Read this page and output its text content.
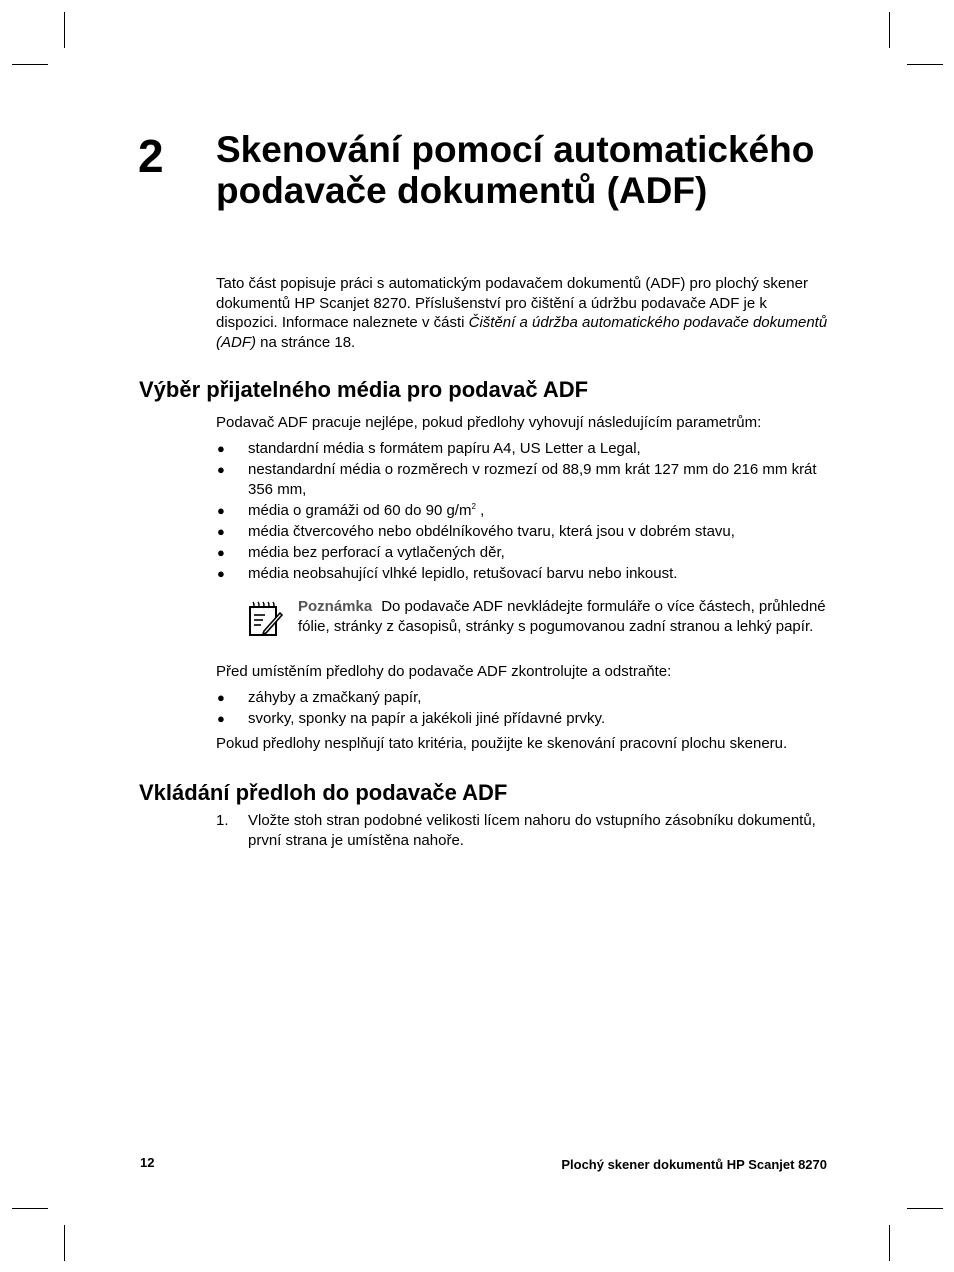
2 Skenování pomocí automatického podavače dokumentů (ADF)

Tato část popisuje práci s automatickým podavačem dokumentů (ADF) pro plochý skener dokumentů HP Scanjet 8270. Příslušenství pro čištění a údržbu podavače ADF je k dispozici. Informace naleznete v části Čištění a údržba automatického podavače dokumentů (ADF) na stránce 18.

Výběr přijatelného média pro podavač ADF

Podavač ADF pracuje nejlépe, pokud předlohy vyhovují následujícím parametrům:

● standardní média s formátem papíru A4, US Letter a Legal,
● nestandardní média o rozměrech v rozmezí od 88,9 mm krát 127 mm do 216 mm krát 356 mm,
● média o gramáži od 60 do 90 $g/m^2$ ,
● média čtvercového nebo obdélníkového tvaru, která jsou v dobrém stavu,
● média bez perforací a vytlačených děr,
● média neobsahující vlhké lepidlo, retušovací barvu nebo inkoust.

Poznámka Do podavače ADF nevkládejte formuláře o více částech, průhledné fólie, stránky z časopisů, stránky s pogumovanou zadní stranou a lehký papír.

Před umístěním předlohy do podavače ADF zkontrolujte a odstraňte:

● záhyby a zmačkaný papír,
● svorky, sponky na papír a jakékoli jiné přídavné prvky.

Pokud předlohy nesplňují tato kritéria, použijte ke skenování pracovní plochu skeneru.

Vkládání předloh do podavače ADF
1. Vložte stoh stran podobné velikosti lícem nahoru do vstupního zásobníku dokumentů, první strana je umístěna nahoře.
12	Plochý skener dokumentů HP Scanjet 8270
